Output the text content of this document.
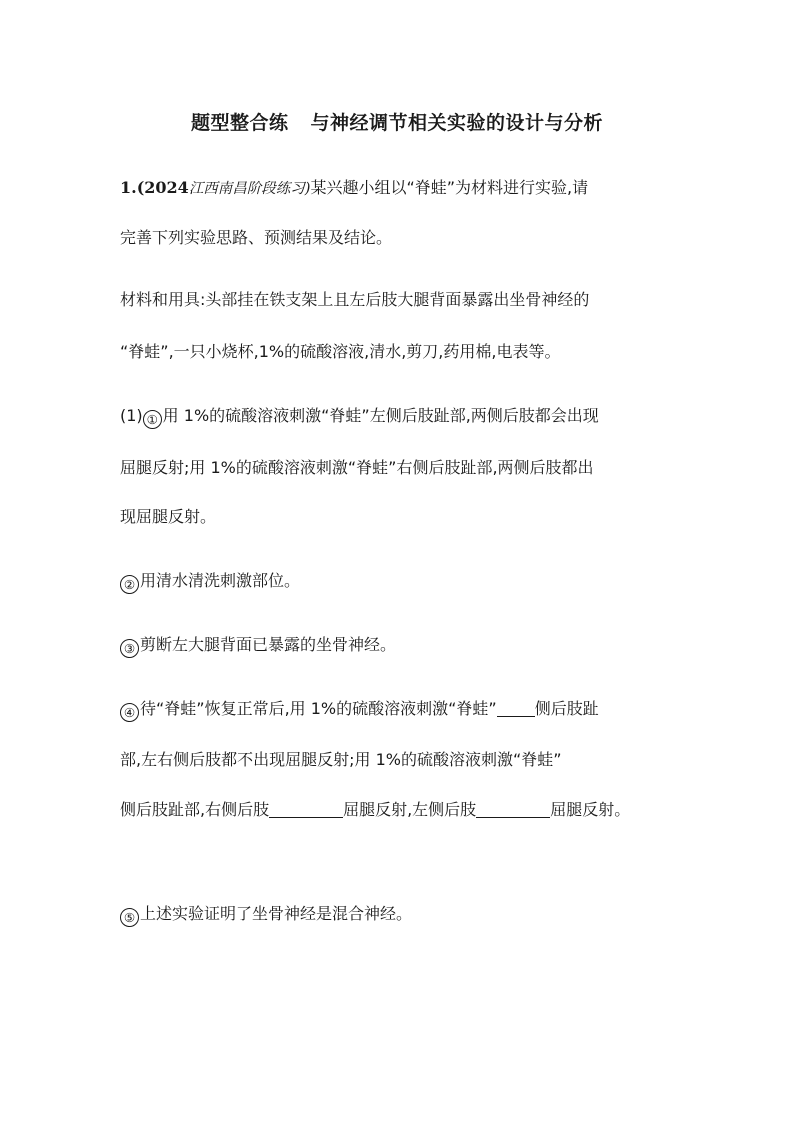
题型整合练 与神经调节相关实验的设计与分析
1.(2024江西南昌阶段练习)某兴趣小组以“脊蛙”为材料进行实验,请
完善下列实验思路、预测结果及结论。
材料和用具:头部挂在铁支架上且左后肢大腿背面暴露出坐骨神经的
“脊蛙”,一只小烧杯,1%的硫酸溶液,清水,剪刀,药用棉,电表等。
(1) ① 用 1%的硫酸溶液刺激“脊蛙”左侧后肢趾部,两侧后肢都会出现
屈腿反射;用 1%的硫酸溶液刺激“脊蛙”右侧后肢趾部,两侧后肢都出
现屈腿反射。
② 用清水清洗刺激部位。
③ 剪断左大腿背面已暴露的坐骨神经。
④ 待“脊蛙”恢复正常后,用 1%的硫酸溶液刺激“脊蛙” 侧后肢趾
部,左右侧后肢都不出现屈腿反射;用 1%的硫酸溶液刺激“脊蛙”
侧后肢趾部,右侧后肢	屈腿反射,左侧后肢	屈腿反射。
⑤ 上述实验证明了坐骨神经是混合神经。
